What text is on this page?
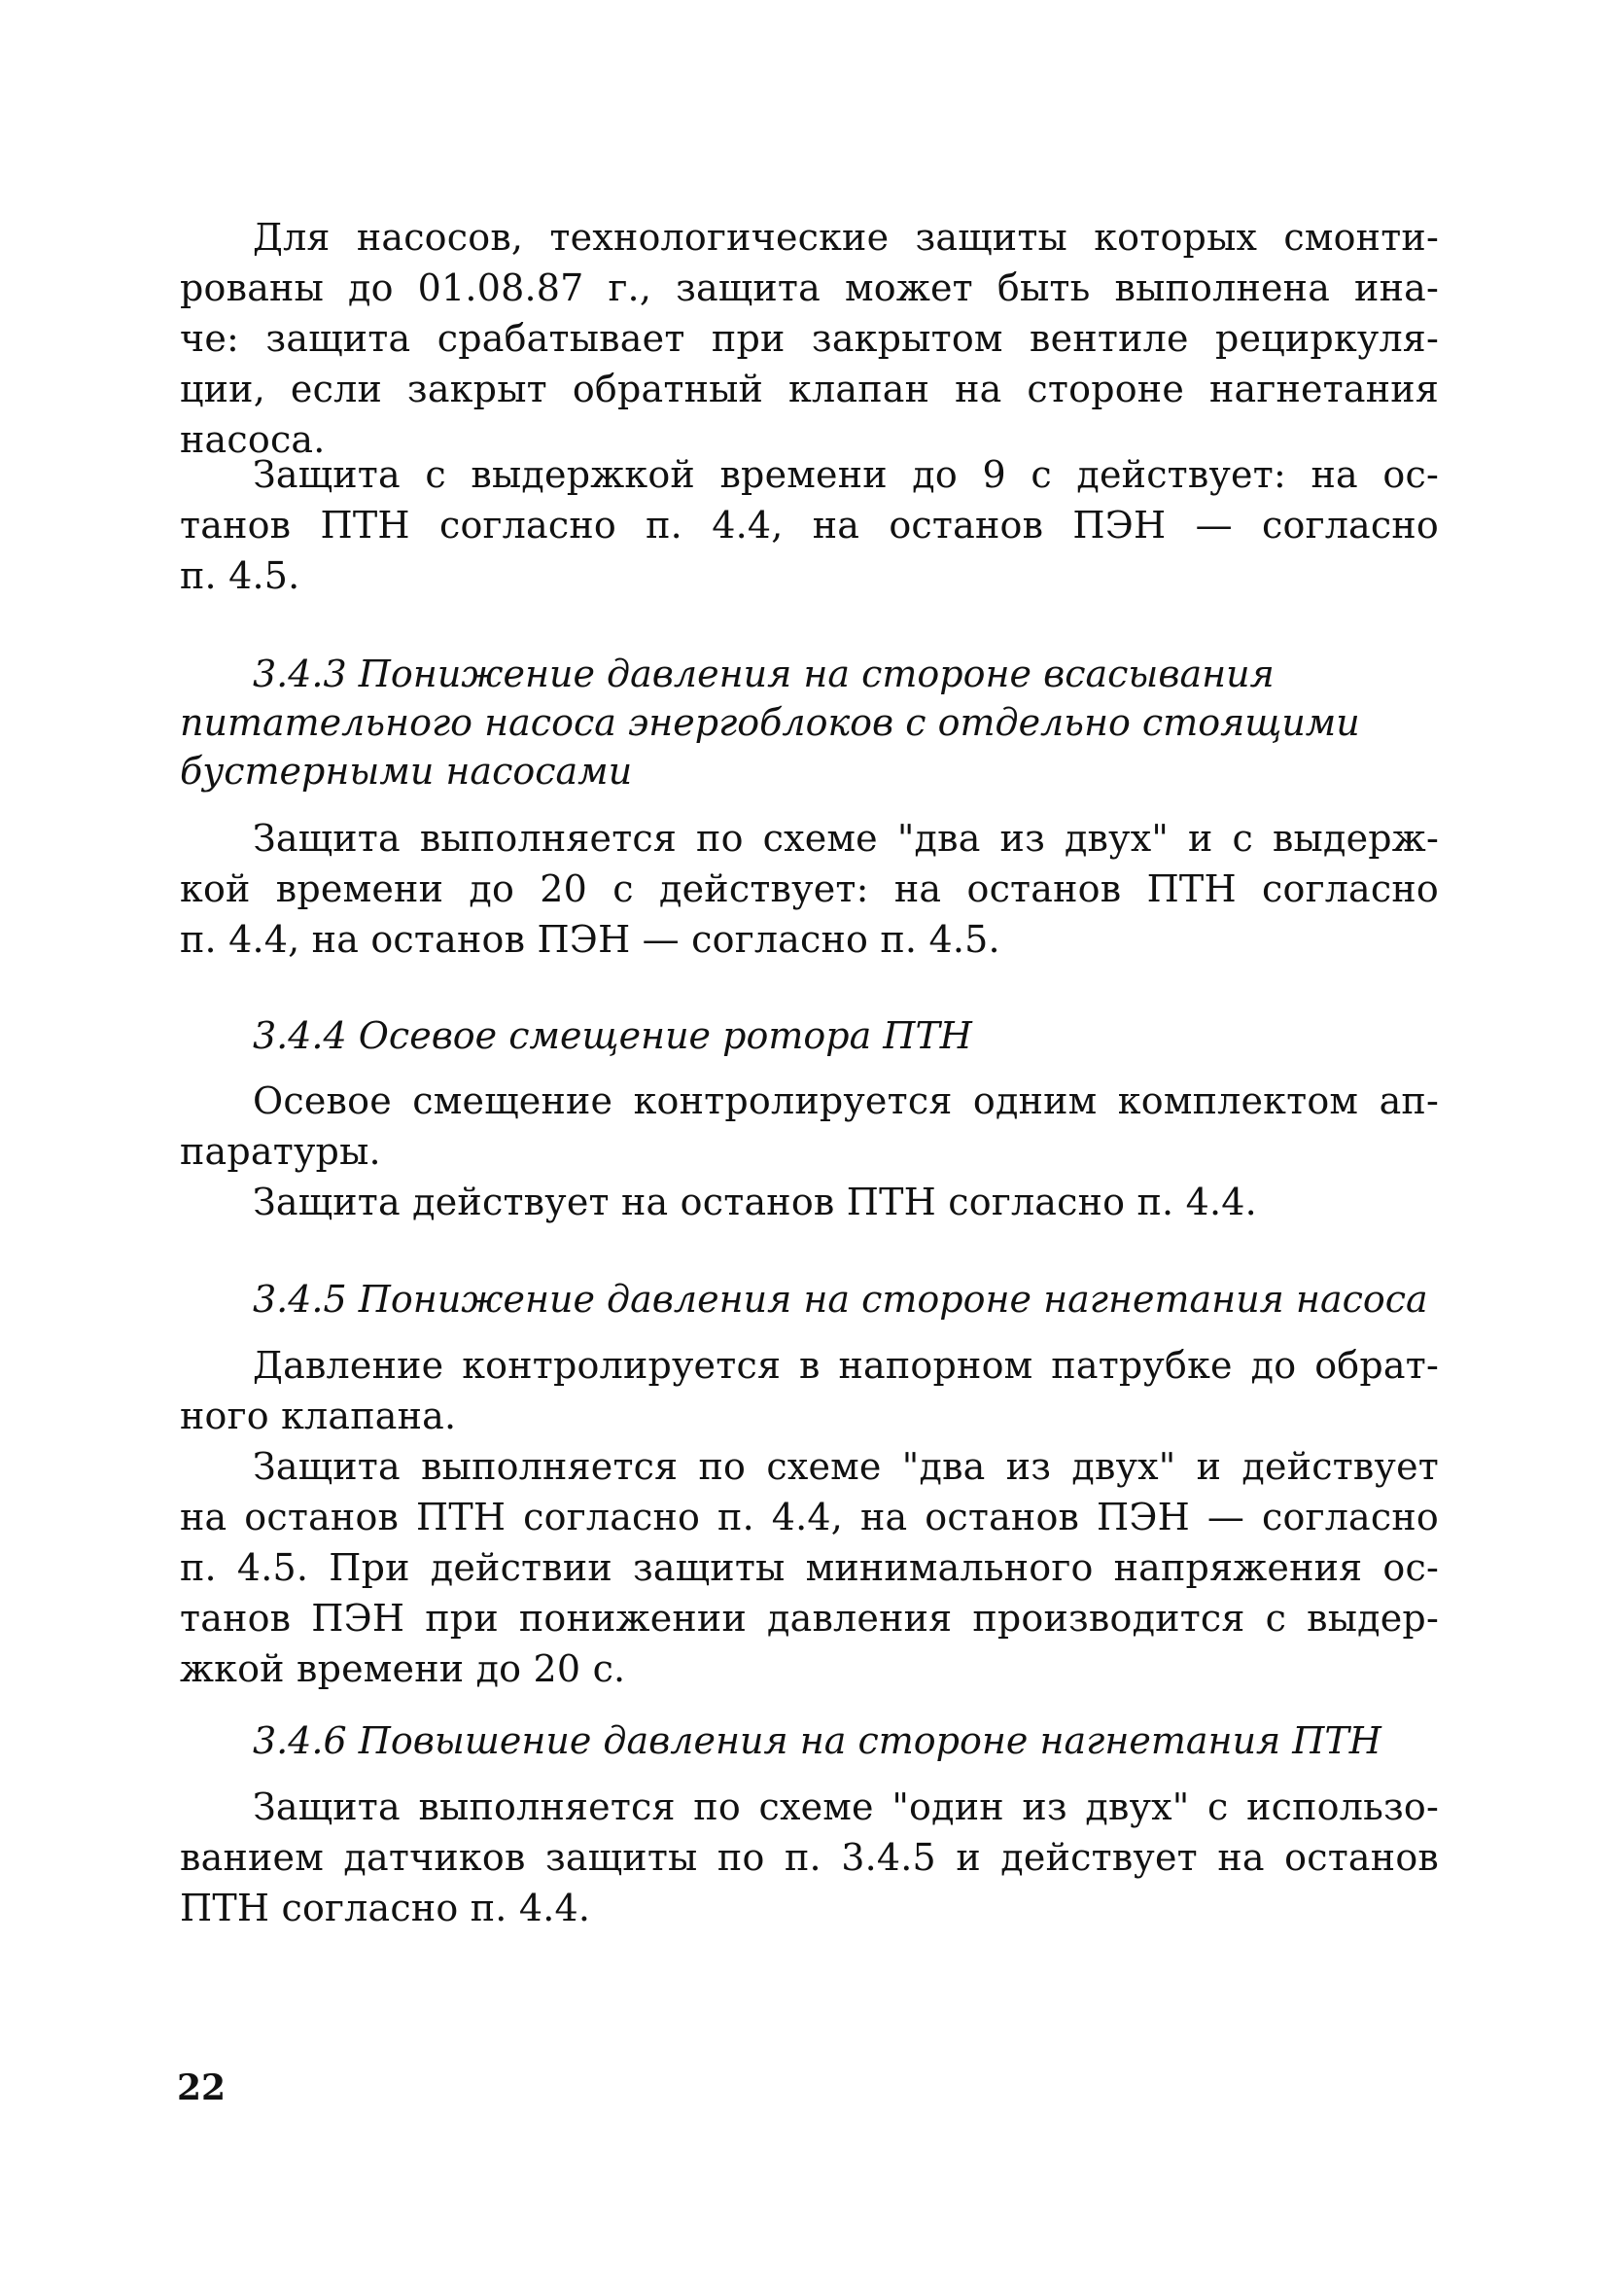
Для насосов, технологические защиты которых смонти-
рованы до 01.08.87 г., защита может быть выполнена ина-
че: защита срабатывает при закрытом вентиле рециркуля-
ции, если закрыт обратный клапан на стороне нагнетания
насоса.
Защита с выдержкой времени до 9 с действует: на ос-
танов ПТН согласно п. 4.4, на останов ПЭН — согласно
п. 4.5.
3.4.3 Понижение давления на стороне всасывания
питательного насоса энергоблоков с отдельно стоящими
бустерными насосами
Защита выполняется по схеме "два из двух" и с выдерж-
кой времени до 20 с действует: на останов ПТН согласно
п. 4.4, на останов ПЭН — согласно п. 4.5.
3.4.4 Осевое смещение ротора ПТН
Осевое смещение контролируется одним комплектом ап-
паратуры.
Защита действует на останов ПТН согласно п. 4.4.
3.4.5 Понижение давления на стороне нагнетания насоса
Давление контролируется в напорном патрубке до обрат-
ного клапана.
Защита выполняется по схеме "два из двух" и действует
на останов ПТН согласно п. 4.4, на останов ПЭН — согласно
п. 4.5. При действии защиты минимального напряжения ос-
танов ПЭН при понижении давления производится с выдер-
жкой времени до 20 с.
3.4.6 Повышение давления на стороне нагнетания ПТН
Защита выполняется по схеме "один из двух" с использо-
ванием датчиков защиты по п. 3.4.5 и действует на останов
ПТН согласно п. 4.4.
22
